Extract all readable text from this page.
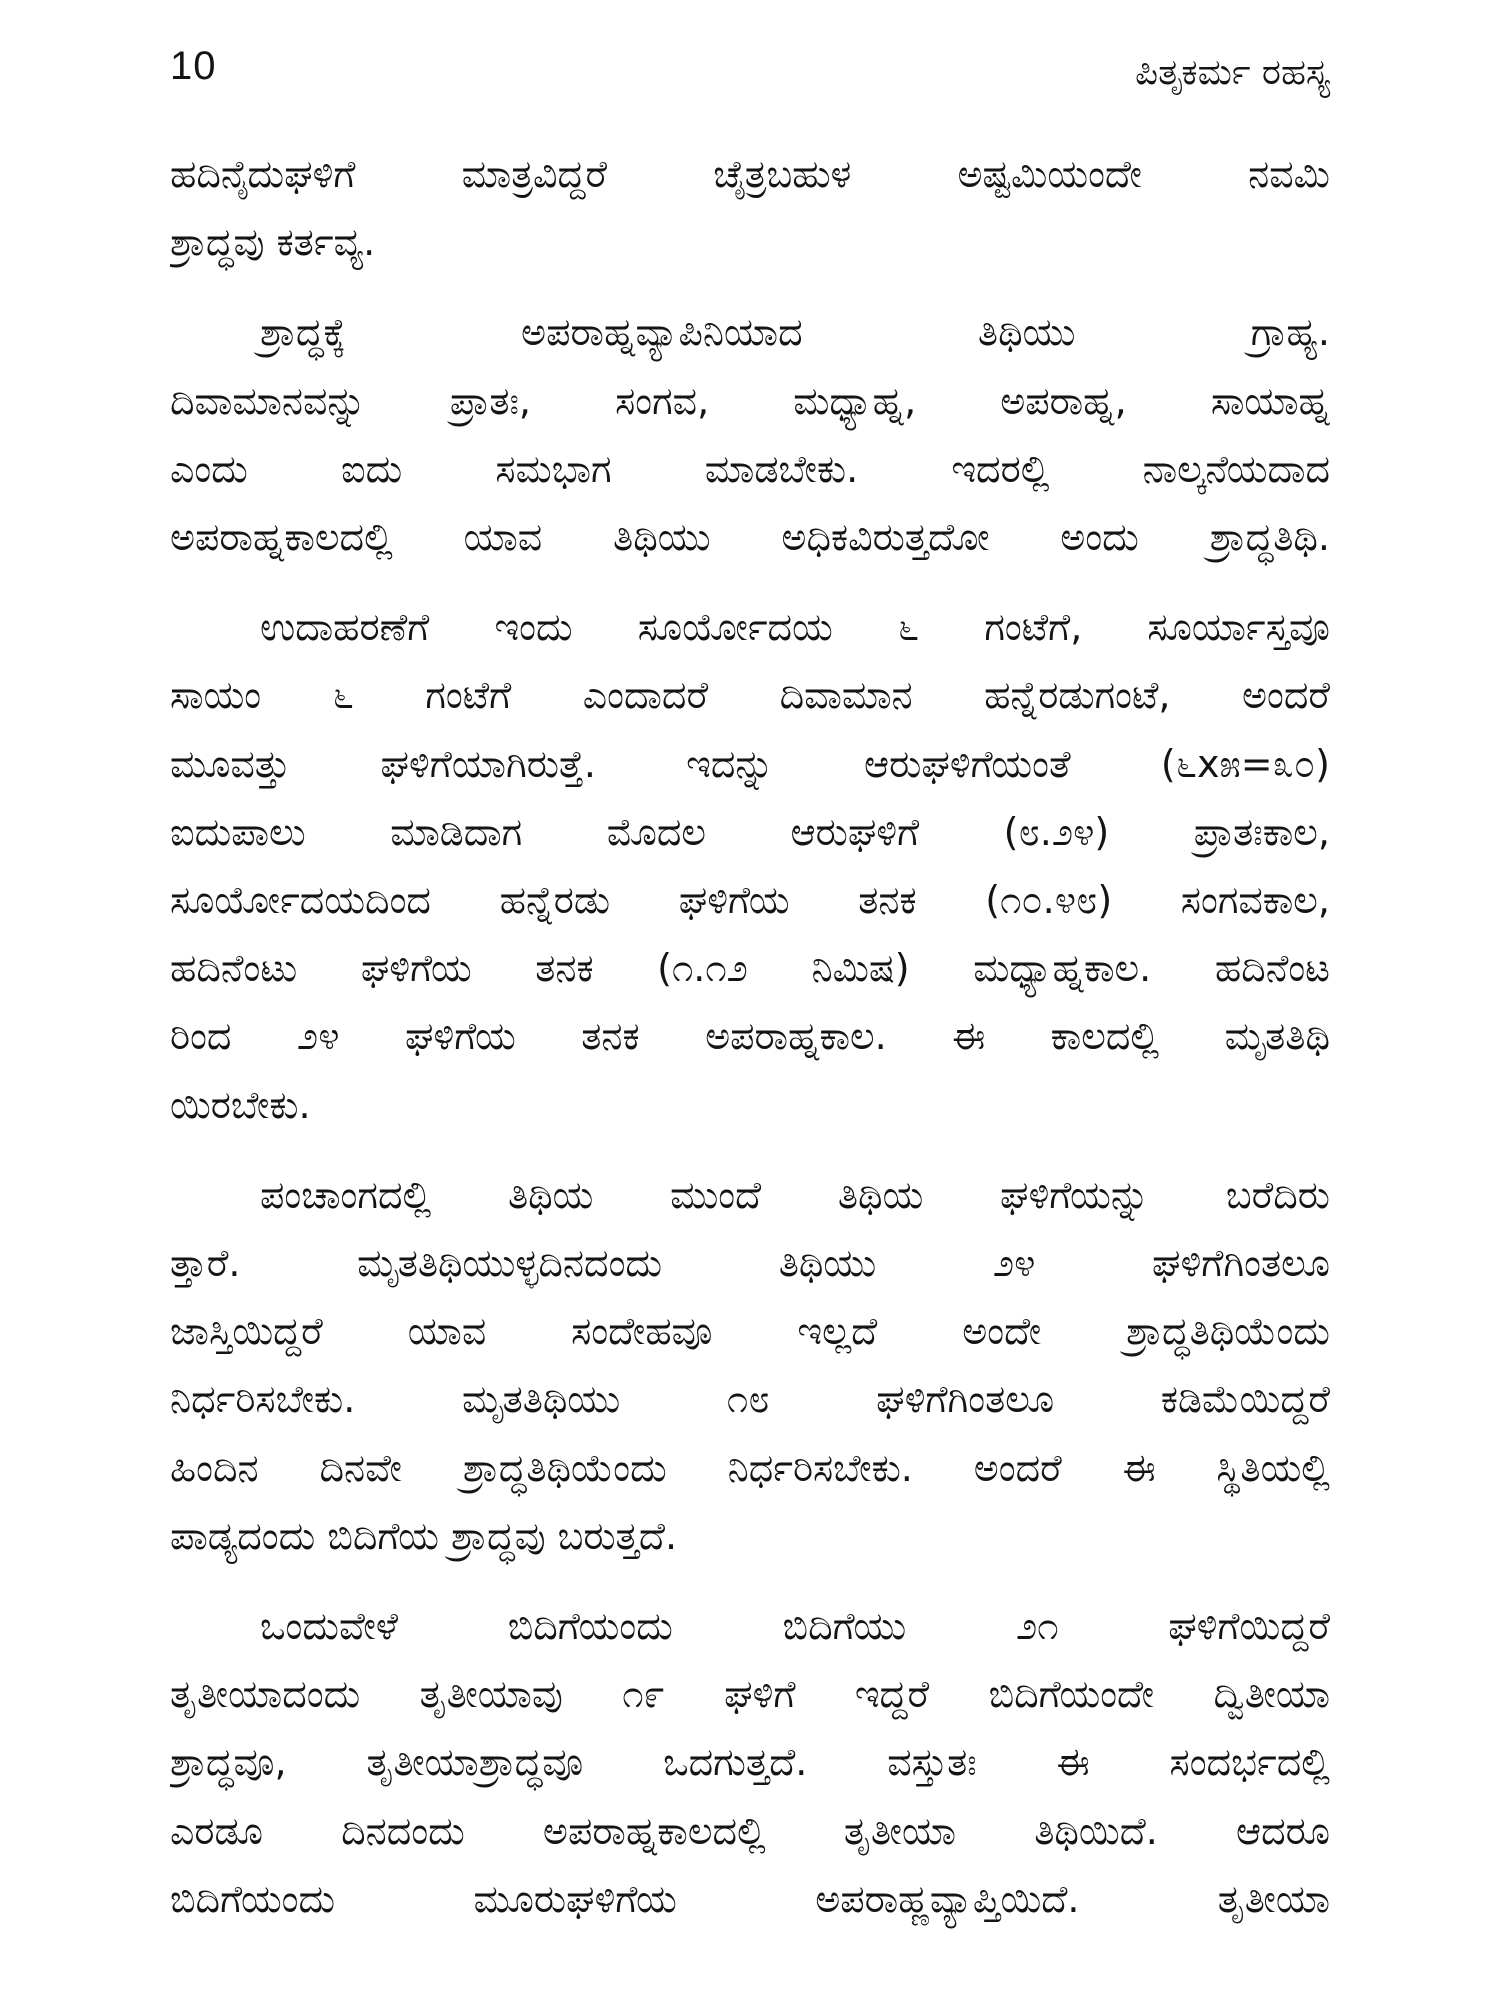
10	ಪಿತೃಕರ್ಮ ರಹಸ್ಯ

ಹದಿನೈದುಘಳಿಗೆ ಮಾತ್ರವಿದ್ದರೆ ಚೈತ್ರಬಹುಳ ಅಷ್ಟಮಿಯಂದೇ ನವಮಿ
ಶ್ರಾದ್ಧವು ಕರ್ತವ್ಯ.

ಶ್ರಾದ್ಧಕ್ಕೆ ಅಪರಾಹ್ನವ್ಯಾಪಿನಿಯಾದ ತಿಥಿಯು ಗ್ರಾಹ್ಯ.
ದಿವಾಮಾನವನ್ನು ಪ್ರಾತಃ, ಸಂಗವ, ಮಧ್ಯಾಹ್ನ, ಅಪರಾಹ್ನ, ಸಾಯಾಹ್ನ
ಎಂದು ಐದು ಸಮಭಾಗ ಮಾಡಬೇಕು. ಇದರಲ್ಲಿ ನಾಲ್ಕನೆಯದಾದ
ಅಪರಾಹ್ನಕಾಲದಲ್ಲಿ ಯಾವ ತಿಥಿಯು ಅಧಿಕವಿರುತ್ತದೋ ಅಂದು ಶ್ರಾದ್ಧತಿಥಿ.

ಉದಾಹರಣೆಗೆ ಇಂದು ಸೂರ್ಯೋದಯ ೬ ಗಂಟೆಗೆ, ಸೂರ್ಯಾಸ್ತವೂ
ಸಾಯಂ ೬ ಗಂಟೆಗೆ ಎಂದಾದರೆ ದಿವಾಮಾನ ಹನ್ನೆರಡುಗಂಟೆ, ಅಂದರೆ
ಮೂವತ್ತು ಘಳಿಗೆಯಾಗಿರುತ್ತೆ. ಇದನ್ನು ಆರುಘಳಿಗೆಯಂತೆ (೬x೫=೩೦)
ಐದುಪಾಲು ಮಾಡಿದಾಗ ಮೊದಲ ಆರುಘಳಿಗೆ (೮.೨೪) ಪ್ರಾತಃಕಾಲ,
ಸೂರ್ಯೋದಯದಿಂದ ಹನ್ನೆರಡು ಘಳಿಗೆಯ ತನಕ (೧೦.೪೮) ಸಂಗವಕಾಲ,
ಹದಿನೆಂಟು ಘಳಿಗೆಯ ತನಕ (೧.೧೨ ನಿಮಿಷ) ಮಧ್ಯಾಹ್ನಕಾಲ. ಹದಿನೆಂಟ
ರಿಂದ ೨೪ ಘಳಿಗೆಯ ತನಕ ಅಪರಾಹ್ನಕಾಲ. ಈ ಕಾಲದಲ್ಲಿ ಮೃತತಿಥಿ
ಯಿರಬೇಕು.

ಪಂಚಾಂಗದಲ್ಲಿ ತಿಥಿಯ ಮುಂದೆ ತಿಥಿಯ ಘಳಿಗೆಯನ್ನು ಬರೆದಿರು
ತ್ತಾರೆ. ಮೃತತಿಥಿಯುಳ್ಳದಿನದಂದು ತಿಥಿಯು ೨೪ ಘಳಿಗೆಗಿಂತಲೂ
ಜಾಸ್ತಿಯಿದ್ದರೆ ಯಾವ ಸಂದೇಹವೂ ಇಲ್ಲದೆ ಅಂದೇ ಶ್ರಾದ್ಧತಿಥಿಯೆಂದು
ನಿರ್ಧರಿಸಬೇಕು. ಮೃತತಿಥಿಯು ೧೮ ಘಳಿಗೆಗಿಂತಲೂ ಕಡಿಮೆಯಿದ್ದರೆ
ಹಿಂದಿನ ದಿನವೇ ಶ್ರಾದ್ಧತಿಥಿಯೆಂದು ನಿರ್ಧರಿಸಬೇಕು. ಅಂದರೆ ಈ ಸ್ಥಿತಿಯಲ್ಲಿ
ಪಾಡ್ಯದಂದು ಬಿದಿಗೆಯ ಶ್ರಾದ್ಧವು ಬರುತ್ತದೆ.

ಒಂದುವೇಳೆ ಬಿದಿಗೆಯಂದು ಬಿದಿಗೆಯು ೨೧ ಘಳಿಗೆಯಿದ್ದರೆ
ತೃತೀಯಾದಂದು ತೃತೀಯಾವು ೧೯ ಘಳಿಗೆ ಇದ್ದರೆ ಬಿದಿಗೆಯಂದೇ ದ್ವಿತೀಯಾ
ಶ್ರಾದ್ಧವೂ, ತೃತೀಯಾಶ್ರಾದ್ಧವೂ ಒದಗುತ್ತದೆ. ವಸ್ತುತಃ ಈ ಸಂದರ್ಭದಲ್ಲಿ
ಎರಡೂ ದಿನದಂದು ಅಪರಾಹ್ನಕಾಲದಲ್ಲಿ ತೃತೀಯಾ ತಿಥಿಯಿದೆ. ಆದರೂ
ಬಿದಿಗೆಯಂದು ಮೂರುಘಳಿಗೆಯ ಅಪರಾಹ್ಣವ್ಯಾಪ್ತಿಯಿದೆ. ತೃತೀಯಾ
